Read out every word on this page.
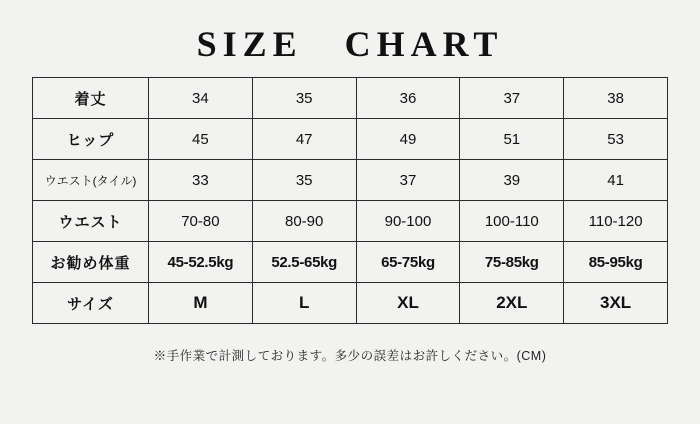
SIZE　CHART
着丈	34	35	36	37	38
ヒップ	45	47	49	51	53
ウエスト(タイル)	33	35	37	39	41
ウエスト	70-80	80-90	90-100	100-110	110-120
お勧め体重	45-52.5kg	52.5-65kg	65-75kg	75-85kg	85-95kg
サイズ	M	L	XL	2XL	3XL
※手作業で計測しております。多少の誤差はお許しください。(CM)
